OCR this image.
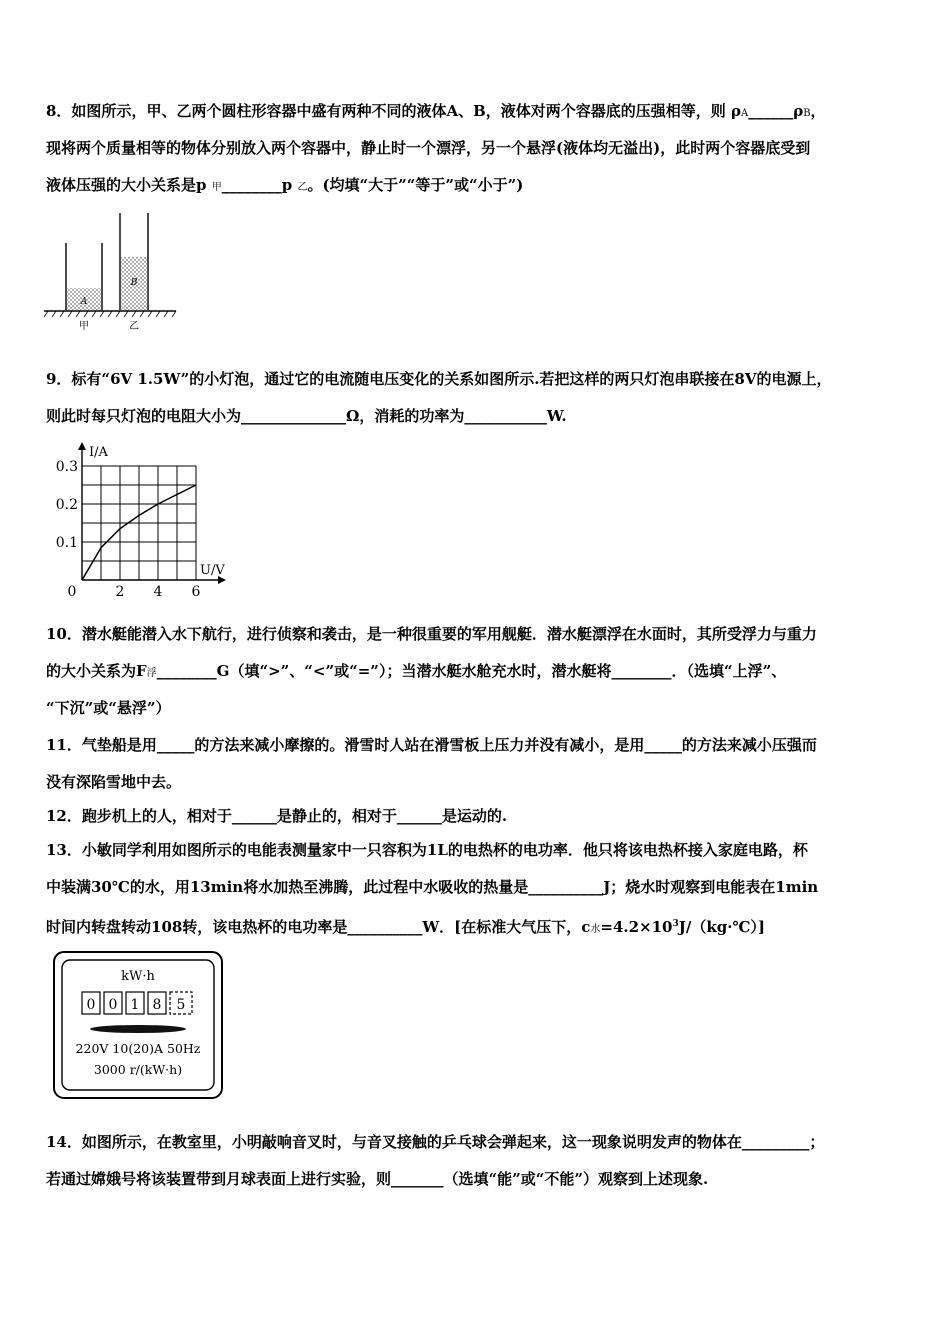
8．如图所示，甲、乙两个圆柱形容器中盛有两种不同的液体A、B，液体对两个容器底的压强相等，则 ρA______ρB，
现将两个质量相等的物体分别放入两个容器中，静止时一个漂浮，另一个悬浮(液体均无溢出)，此时两个容器底受到
液体压强的大小关系是p 甲________p 乙。(均填“大于”“等于”或“小于”)
A
B
甲	乙
9．标有“6V 1.5W”的小灯泡，通过它的电流随电压变化的关系如图所示.若把这样的两只灯泡串联接在8V的电源上，
则此时每只灯泡的电阻大小为______________Ω，消耗的功率为___________W.
I/A
U/V
0	2 4 6
0.1
0.2
0.3
10．潜水艇能潜入水下航行，进行侦察和袭击，是一种很重要的军用舰艇．潜水艇漂浮在水面时，其所受浮力与重力
的大小关系为F浮________G（填“>”、“<”或“=”）；当潜水艇水舱充水时，潜水艇将________．（选填“上浮”、
“下沉”或“悬浮”）
11．气垫船是用_____的方法来减小摩擦的。滑雪时人站在滑雪板上压力并没有减小，是用_____的方法来减小压强而
没有深陷雪地中去。
12．跑步机上的人，相对于______是静止的，相对于______是运动的.
13．小敏同学利用如图所示的电能表测量家中一只容积为1L的电热杯的电功率．他只将该电热杯接入家庭电路，杯
中装满30℃的水，用13min将水加热至沸腾，此过程中水吸收的热量是__________J；烧水时观察到电能表在1min
时间内转盘转动108转，该电热杯的电功率是__________W．[在标准大气压下，c水$=4.2\times 10^3J/(kg\cdot℃)$]
kW·h
0 0 1 8 5
220V 10(20)A 50Hz
3000 r/(kW·h)
14．如图所示，在教室里，小明敲响音叉时，与音叉接触的乒乓球会弹起来，这一现象说明发声的物体在_________；
若通过嫦娥号将该装置带到月球表面上进行实验，则_______（选填“能”或“不能”）观察到上述现象.
